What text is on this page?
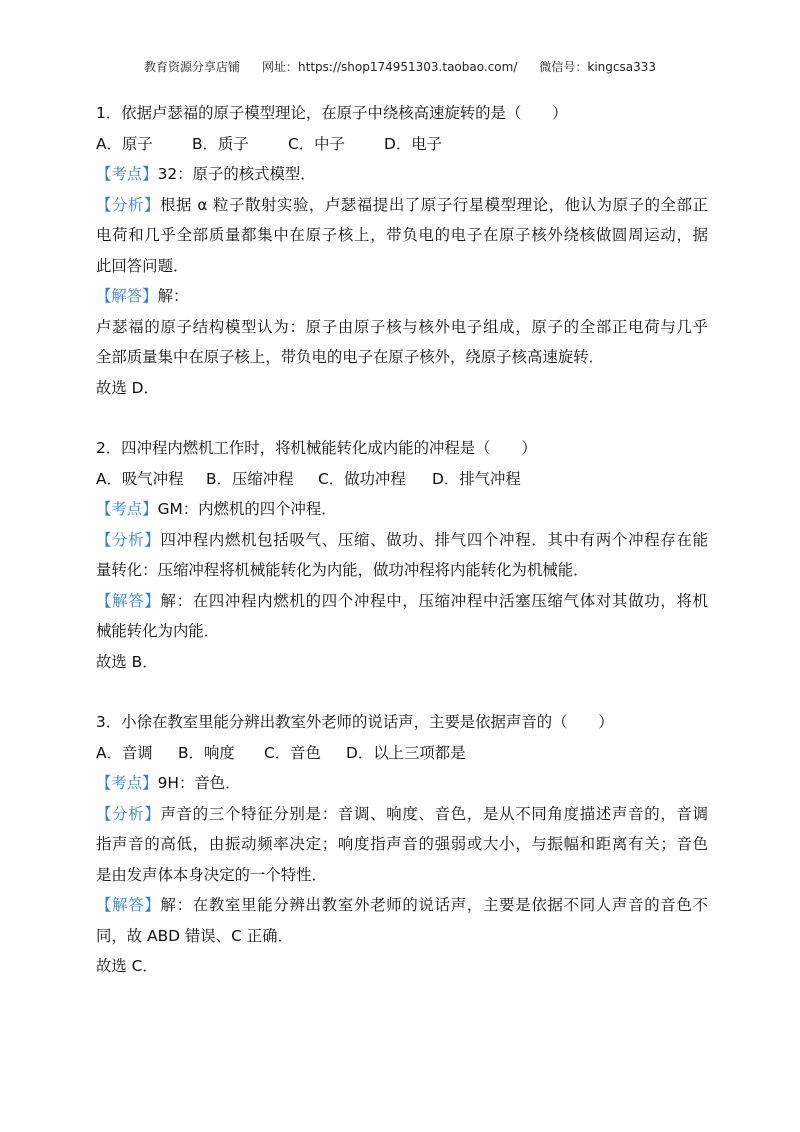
教育资源分享店铺 网址：https://shop174951303.taobao.com/ 微信号：kingcsa333
1．依据卢瑟福的原子模型理论，在原子中绕核高速旋转的是（　　）
A．原子	B．质子	C．中子	D．电子
【考点】32：原子的核式模型．
【分析】根据 α 粒子散射实验，卢瑟福提出了原子行星模型理论，他认为原子的全部正
电荷和几乎全部质量都集中在原子核上，带负电的电子在原子核外绕核做圆周运动，据
此回答问题．
【解答】解：
卢瑟福的原子结构模型认为：原子由原子核与核外电子组成，原子的全部正电荷与几乎
全部质量集中在原子核上，带负电的电子在原子核外，绕原子核高速旋转．
故选 D．
2．四冲程内燃机工作时，将机械能转化成内能的冲程是（　　）
A．吸气冲程 B．压缩冲程 C．做功冲程 D．排气冲程
【考点】GM：内燃机的四个冲程．
【分析】四冲程内燃机包括吸气、压缩、做功、排气四个冲程．其中有两个冲程存在能
量转化：压缩冲程将机械能转化为内能，做功冲程将内能转化为机械能．
【解答】解：在四冲程内燃机的四个冲程中，压缩冲程中活塞压缩气体对其做功，将机
械能转化为内能．
故选 B．
3．小徐在教室里能分辨出教室外老师的说话声，主要是依据声音的（　　）
A．音调 B．响度 C．音色 D．以上三项都是
【考点】9H：音色．
【分析】声音的三个特征分别是：音调、响度、音色，是从不同角度描述声音的，音调
指声音的高低，由振动频率决定；响度指声音的强弱或大小，与振幅和距离有关；音色
是由发声体本身决定的一个特性．
【解答】解：在教室里能分辨出教室外老师的说话声，主要是依据不同人声音的音色不
同，故 ABD 错误、C 正确．
故选 C．
